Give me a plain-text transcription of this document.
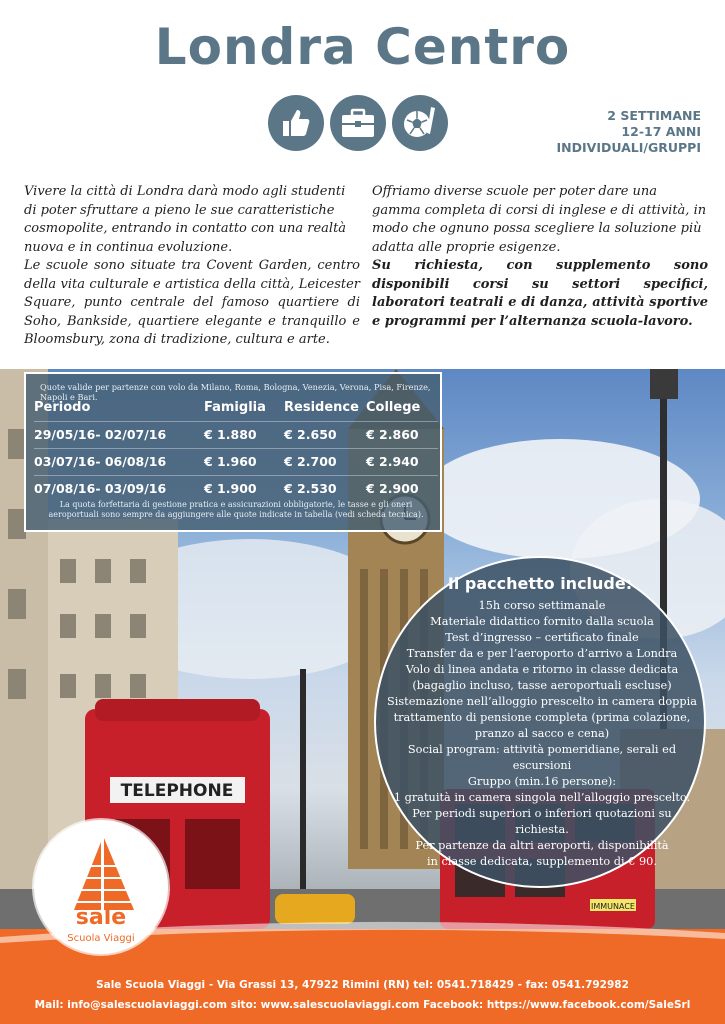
Londra Centro
2 SETTIMANE
12-17 ANNI
INDIVIDUALI/GRUPPI

Vivere la città di Londra darà modo agli studenti di poter sfruttare a pieno le sue caratteristiche cosmopolite, entrando in contatto con una realtà nuova e in continua evoluzione.

Le scuole sono situate tra Covent Garden, centro della vita culturale e artistica della città, Leicester Square, punto centrale del famoso quartiere di Soho, Bankside, quartiere elegante e tranquillo e Bloomsbury, zona di tradizione, cultura e arte.

Offriamo diverse scuole per poter dare una gamma completa di corsi di inglese e di attività, in modo che ognuno possa scegliere la soluzione più adatta alle proprie esigenze.

Su richiesta, con supplemento sono disponibili corsi su settori specifici, laboratori teatrali e di danza, attività sportive e programmi per l’alternanza scuola-lavoro.

TELEPHONE
IMMUNACE
Quote valide per partenze con volo da Milano, Roma, Bologna, Venezia, Verona, Pisa, Firenze, Napoli e Bari.
Periodo	Famiglia	Residence	College
29/05/16- 02/07/16	€ 1.880	€ 2.650	€ 2.860
03/07/16- 06/08/16	€ 1.960	€ 2.700	€ 2.940
07/08/16- 03/09/16	€ 1.900	€ 2.530	€ 2.900
La quota forfettaria di gestione pratica e assicurazioni obbligatorie, le tasse e gli oneri aeroportuali sono sempre da aggiungere alle quote indicate in tabella (vedi scheda tecnica).
Il pacchetto include:
15h corso settimanale
Materiale didattico fornito dalla scuola
Test d’ingresso – certificato finale
Transfer da e per l’aeroporto d’arrivo a Londra
Volo di linea andata e ritorno in classe dedicata
(bagaglio incluso, tasse aeroportuali escluse)
Sistemazione nell’alloggio prescelto in camera doppia
trattamento di pensione completa (prima colazione,
pranzo al sacco e cena)
Social program: attività pomeridiane, serali ed escursioni
Gruppo (min.16 persone):
1 gratuità in camera singola nell’alloggio prescelto.
Per periodi superiori o inferiori quotazioni su richiesta.
Per partenze da altri aeroporti, disponibilità
in classe dedicata, supplemento di € 90.
Sale Scuola Viaggi - Via Grassi 13, 47922 Rimini (RN) tel: 0541.718429 - fax: 0541.792982
Mail: info@salescuolaviaggi.com sito: www.salescuolaviaggi.com Facebook: https://www.facebook.com/SaleSrl
sale
Scuola Viaggi
